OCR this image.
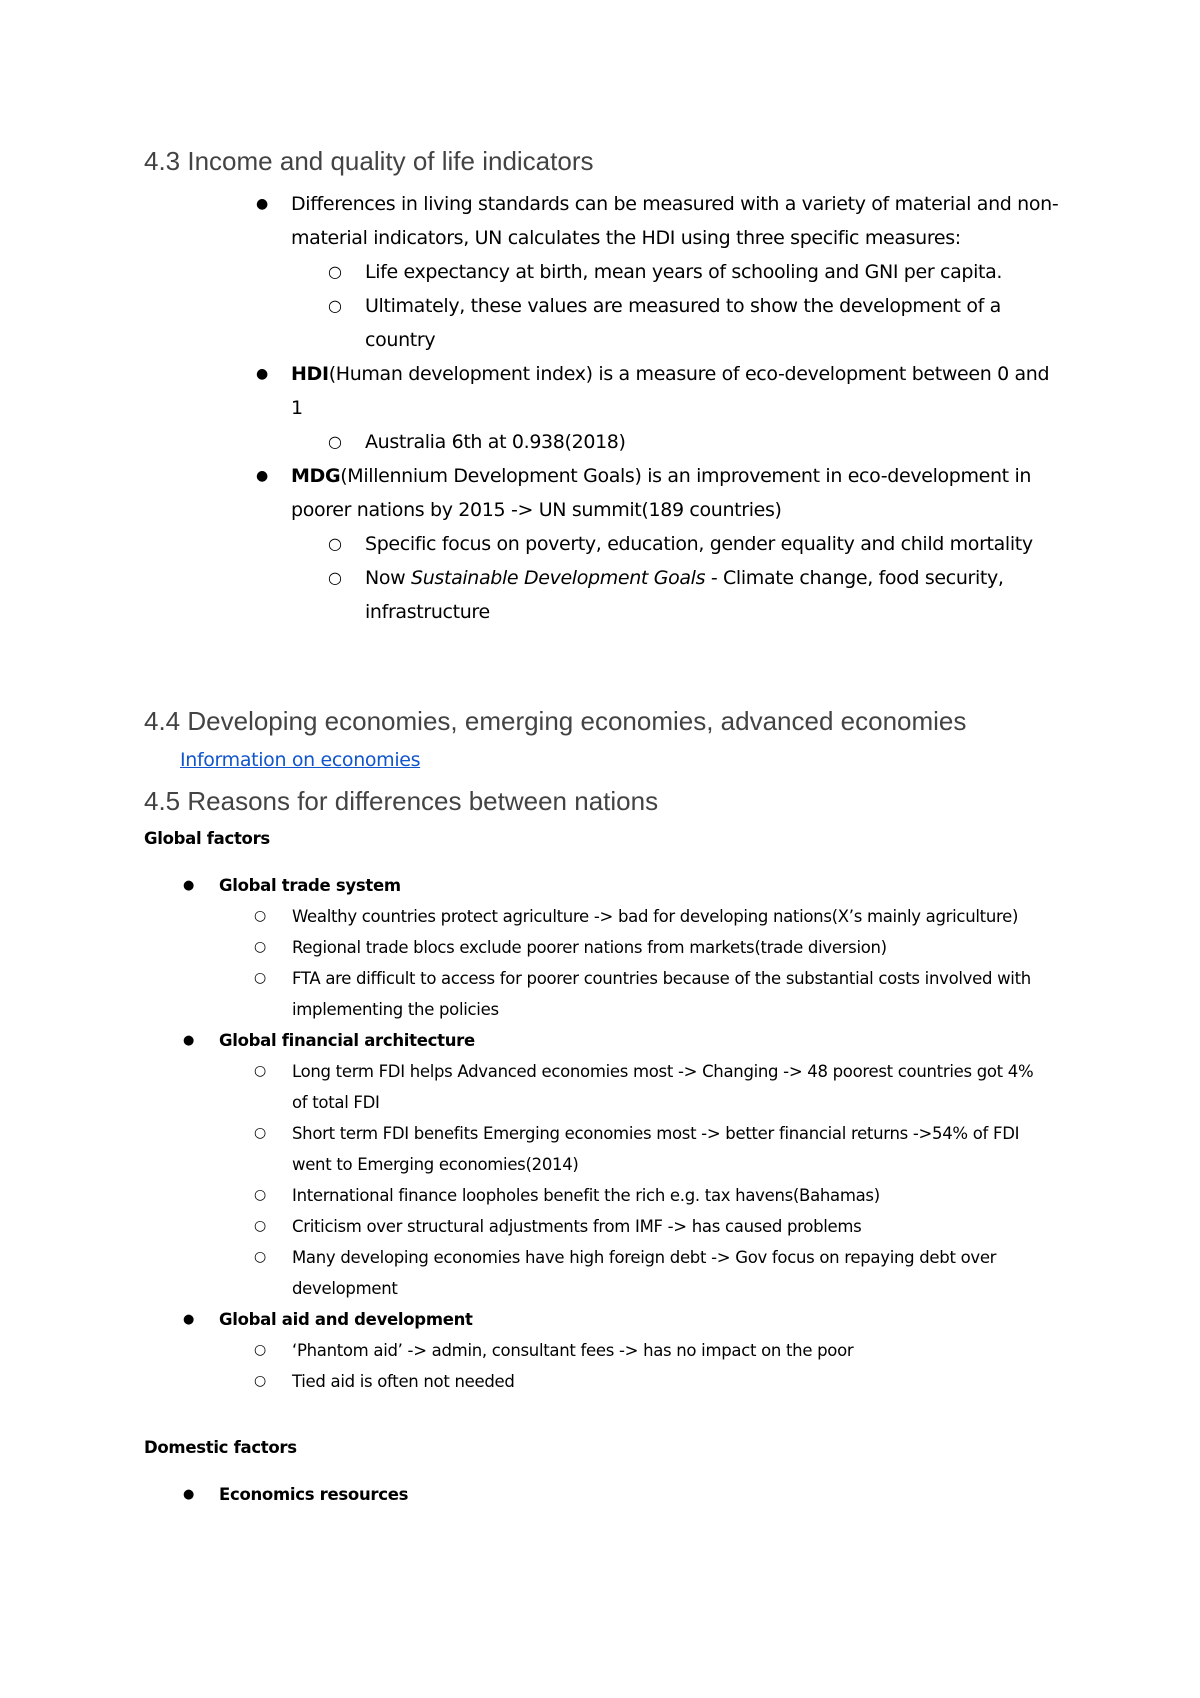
4.3 Income and quality of life indicators
● Differences in living standards can be measured with a variety of material and non-material indicators, UN calculates the HDI using three specific measures:
○ Life expectancy at birth, mean years of schooling and GNI per capita.
○ Ultimately, these values are measured to show the development of a country
● HDI(Human development index) is a measure of eco-development between 0 and 1
○ Australia 6th at 0.938(2018)
● MDG(Millennium Development Goals) is an improvement in eco-development in poorer nations by 2015 -> UN summit(189 countries)
○ Specific focus on poverty, education, gender equality and child mortality
○ Now Sustainable Development Goals - Climate change, food security, infrastructure
4.4 Developing economies, emerging economies, advanced economies
Information on economies
4.5 Reasons for differences between nations
Global factors
● Global trade system
○ Wealthy countries protect agriculture -> bad for developing nations(X’s mainly agriculture)
○ Regional trade blocs exclude poorer nations from markets(trade diversion)
○ FTA are difficult to access for poorer countries because of the substantial costs involved with implementing the policies
● Global financial architecture
○ Long term FDI helps Advanced economies most -> Changing -> 48 poorest countries got 4% of total FDI
○ Short term FDI benefits Emerging economies most -> better financial returns ->54% of FDI went to Emerging economies(2014)
○ International finance loopholes benefit the rich e.g. tax havens(Bahamas)
○ Criticism over structural adjustments from IMF -> has caused problems
○ Many developing economies have high foreign debt -> Gov focus on repaying debt over development
● Global aid and development
○ ‘Phantom aid’ -> admin, consultant fees -> has no impact on the poor
○ Tied aid is often not needed
Domestic factors
● Economics resources
